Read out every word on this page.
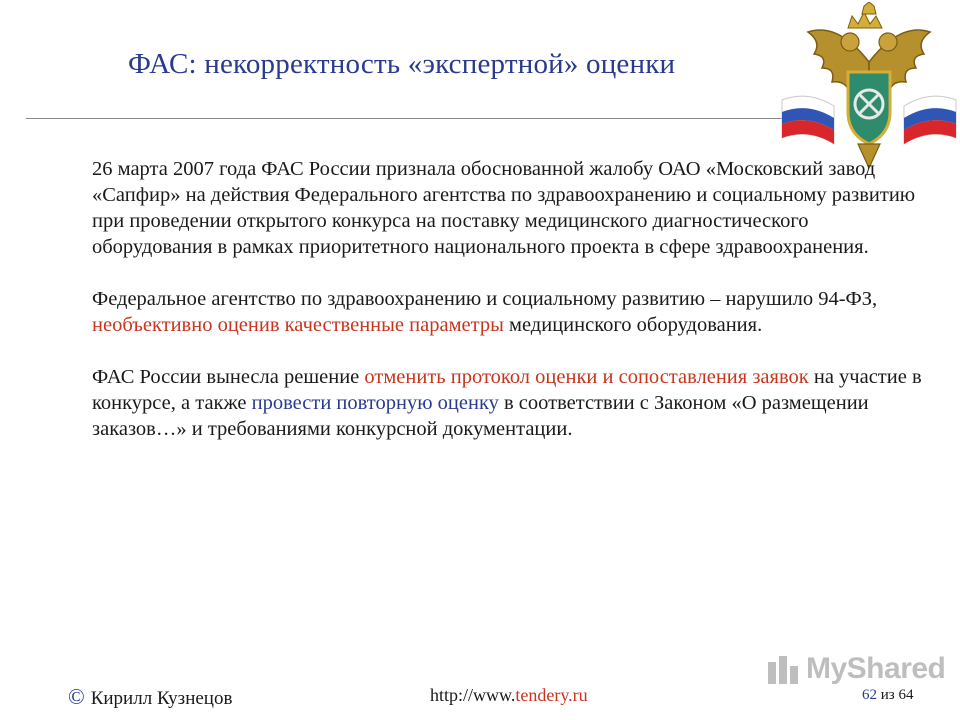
ФАС: некорректность «экспертной» оценки

26 марта 2007 года ФАС России признала обоснованной жалобу ОАО «Московский завод «Сапфир» на действия Федерального агентства по здравоохранению и социальному развитию при проведении открытого конкурса на поставку медицинского диагностического оборудования в рамках приоритетного национального проекта в сфере здравоохранения.

Федеральное агентство по здравоохранению и социальному развитию – нарушило 94-ФЗ, необъективно оценив качественные параметры медицинского оборудования.

ФАС России вынесла решение отменить протокол оценки и сопоставления заявок на участие в конкурсе, а также провести повторную оценку в соответствии с Законом «О размещении заказов…» и требованиями конкурсной документации.

MyShared
© Кирилл Кузнецов	http://www.tendery.ru	62 из 64
